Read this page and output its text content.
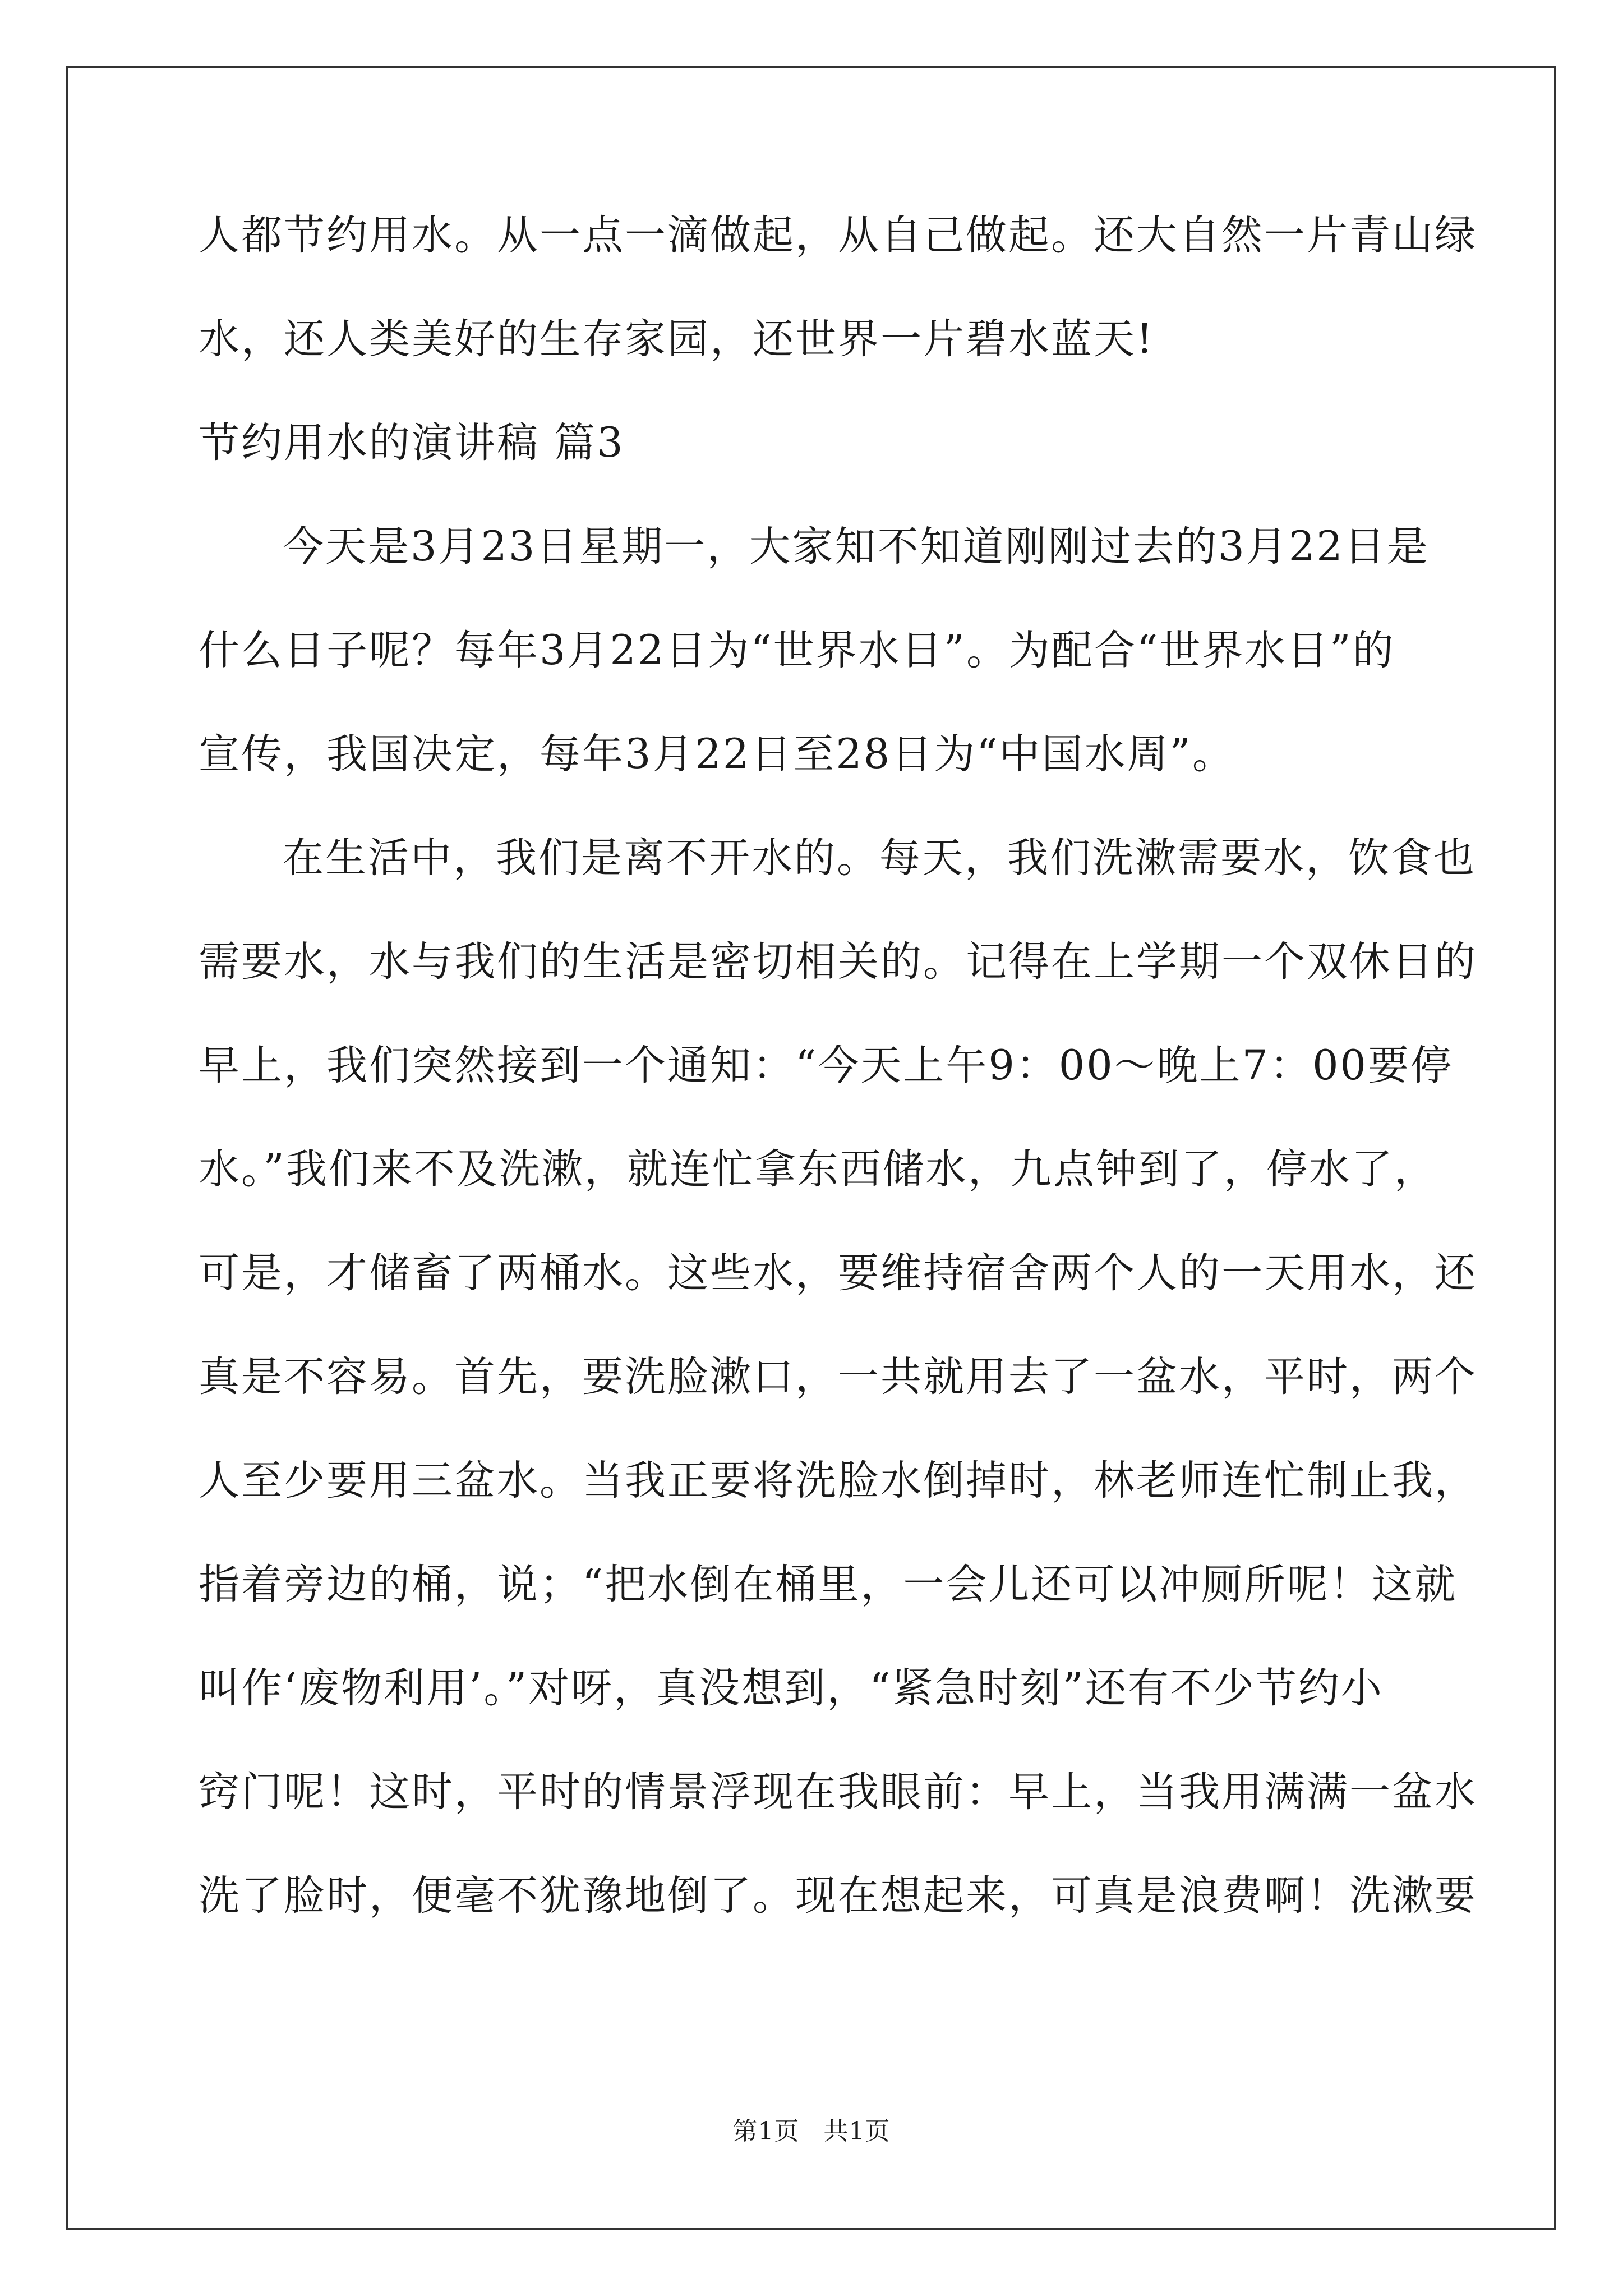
人都节约用水。从一点一滴做起，从自己做起。还大自然一片青山绿
水，还人类美好的生存家园，还世界一片碧水蓝天!
节约用水的演讲稿 篇3
今天是3月23日星期一，大家知不知道刚刚过去的3月22日是
什么日子呢？每年3月22日为“世界水日”。为配合“世界水日”的
宣传，我国决定，每年3月22日至28日为“中国水周”。
在生活中，我们是离不开水的。每天，我们洗漱需要水，饮食也
需要水，水与我们的生活是密切相关的。记得在上学期一个双休日的
早上，我们突然接到一个通知：“今天上午9：00～晚上7：00要停
水。”我们来不及洗漱，就连忙拿东西储水，九点钟到了，停水了，
可是，才储畜了两桶水。这些水，要维持宿舍两个人的一天用水，还
真是不容易。首先，要洗脸漱口，一共就用去了一盆水，平时，两个
人至少要用三盆水。当我正要将洗脸水倒掉时，林老师连忙制止我，
指着旁边的桶，说；“把水倒在桶里，一会儿还可以冲厕所呢！这就
叫作‘废物利用’。”对呀，真没想到，“紧急时刻”还有不少节约小
窍门呢！这时，平时的情景浮现在我眼前：早上，当我用满满一盆水
洗了脸时，便毫不犹豫地倒了。现在想起来，可真是浪费啊！洗漱要
第1页 共1页
